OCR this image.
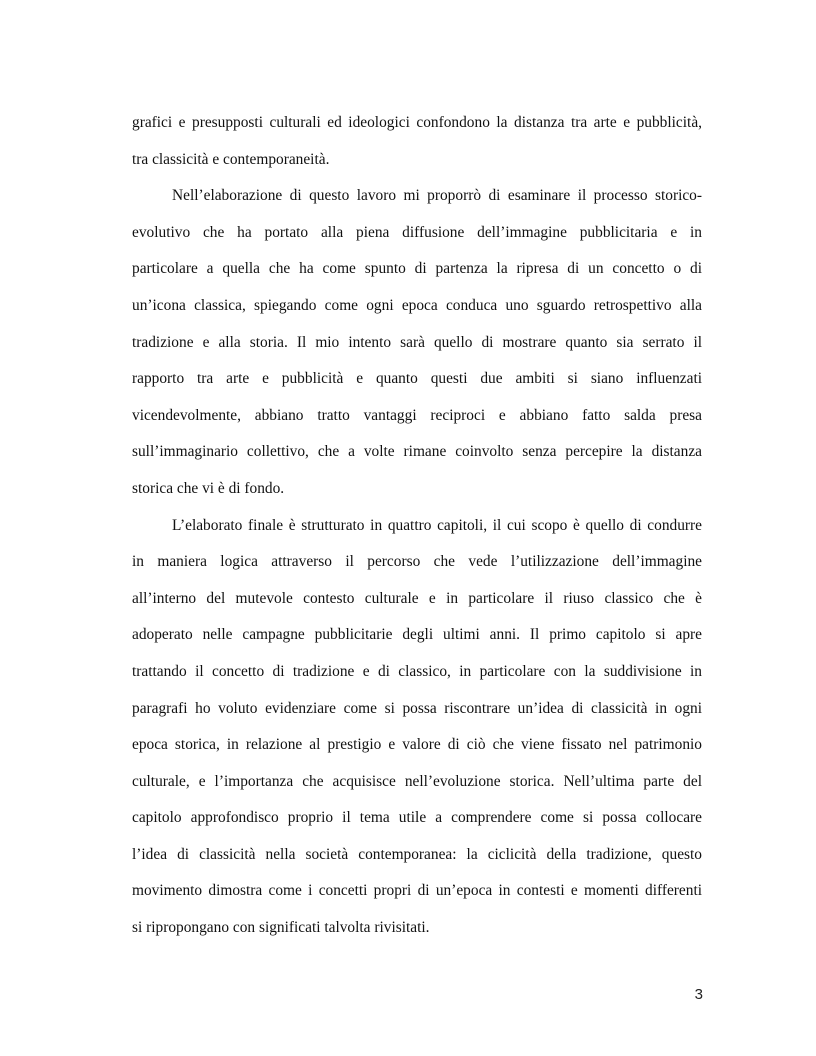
grafici e presupposti culturali ed ideologici confondono la distanza tra arte e pubblicità,
tra classicità e contemporaneità.
Nell’elaborazione di questo lavoro mi proporrò di esaminare il processo storico-
evolutivo che ha portato alla piena diffusione dell’immagine pubblicitaria e in
particolare a quella che ha come spunto di partenza la ripresa di un concetto o di
un’icona classica, spiegando come ogni epoca conduca uno sguardo retrospettivo alla
tradizione e alla storia. Il mio intento sarà quello di mostrare quanto sia serrato il
rapporto tra arte e pubblicità e quanto questi due ambiti si siano influenzati
vicendevolmente, abbiano tratto vantaggi reciproci e abbiano fatto salda presa
sull’immaginario collettivo, che a volte rimane coinvolto senza percepire la distanza
storica che vi è di fondo.
L’elaborato finale è strutturato in quattro capitoli, il cui scopo è quello di condurre
in maniera logica attraverso il percorso che vede l’utilizzazione dell’immagine
all’interno del mutevole contesto culturale e in particolare il riuso classico che è
adoperato nelle campagne pubblicitarie degli ultimi anni. Il primo capitolo si apre
trattando il concetto di tradizione e di classico, in particolare con la suddivisione in
paragrafi ho voluto evidenziare come si possa riscontrare un’idea di classicità in ogni
epoca storica, in relazione al prestigio e valore di ciò che viene fissato nel patrimonio
culturale, e l’importanza che acquisisce nell’evoluzione storica. Nell’ultima parte del
capitolo approfondisco proprio il tema utile a comprendere come si possa collocare
l’idea di classicità nella società contemporanea: la ciclicità della tradizione, questo
movimento dimostra come i concetti propri di un’epoca in contesti e momenti differenti
si ripropongano con significati talvolta rivisitati.
3
